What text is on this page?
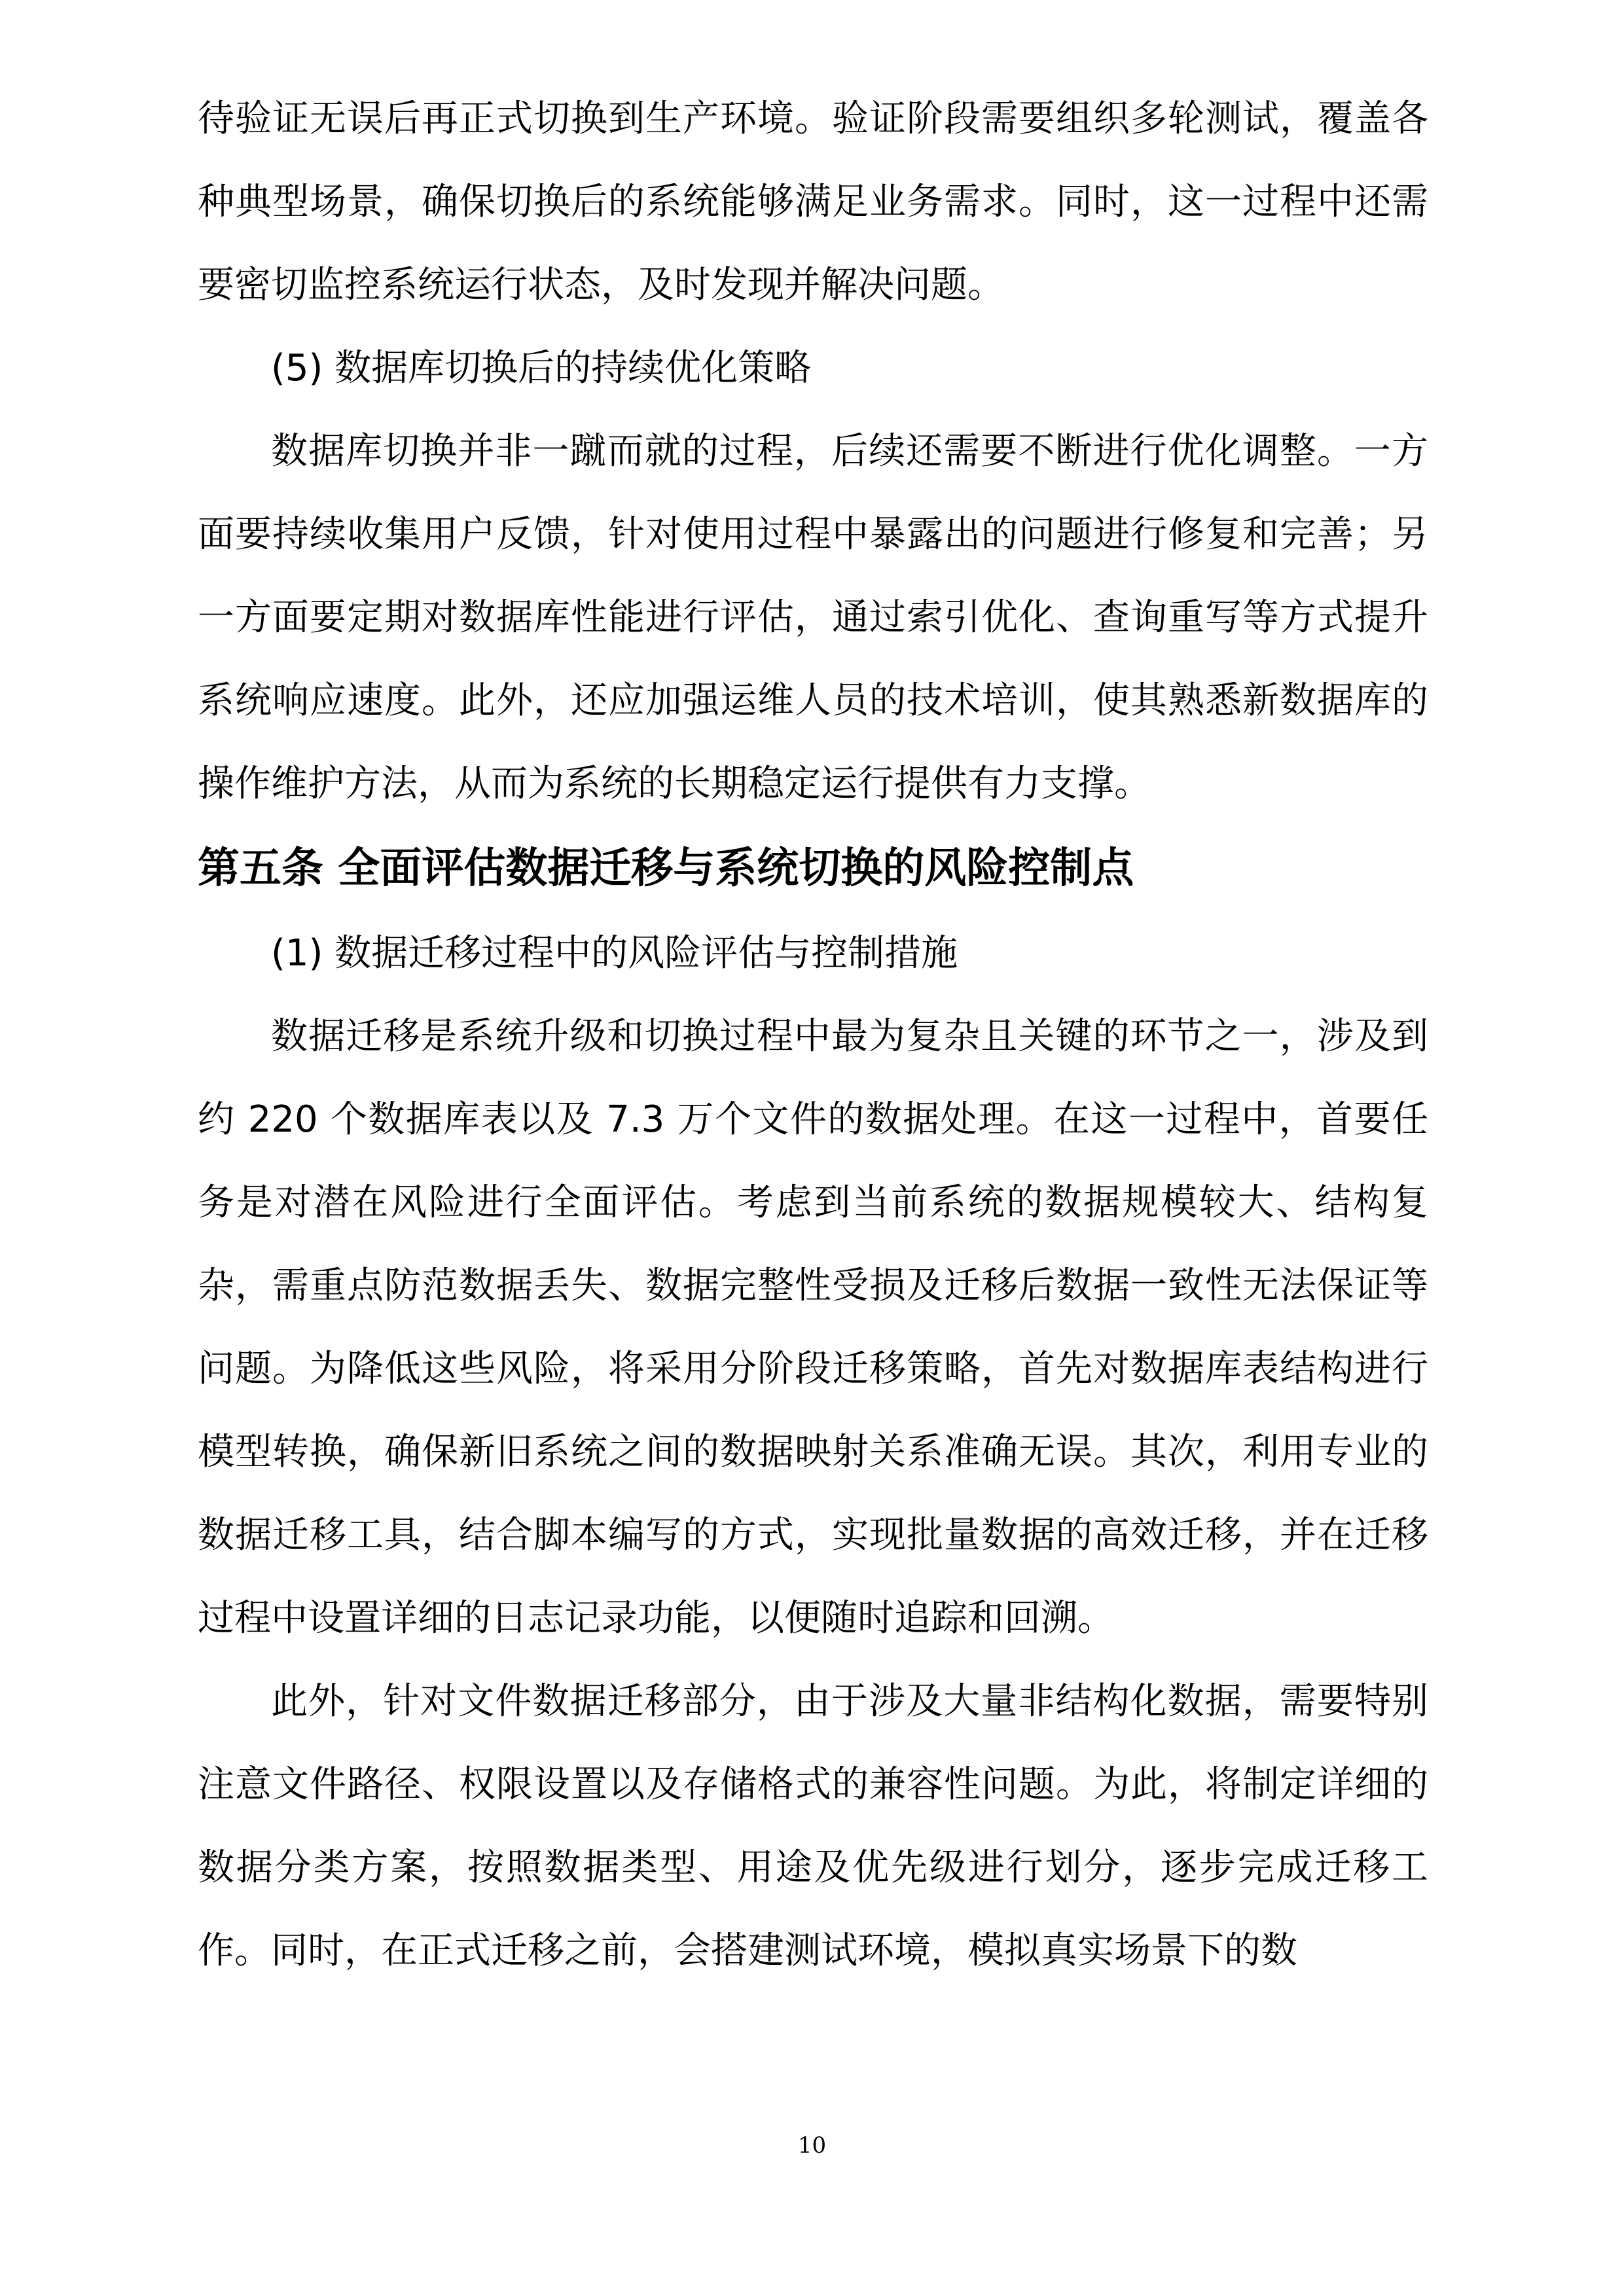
待验证无误后再正式切换到生产环境。验证阶段需要组织多轮测试，覆盖各种典型场景，确保切换后的系统能够满足业务需求。同时，这一过程中还需要密切监控系统运行状态，及时发现并解决问题。

(5) 数据库切换后的持续优化策略

数据库切换并非一蹴而就的过程，后续还需要不断进行优化调整。一方面要持续收集用户反馈，针对使用过程中暴露出的问题进行修复和完善；另一方面要定期对数据库性能进行评估，通过索引优化、查询重写等方式提升系统响应速度。此外，还应加强运维人员的技术培训，使其熟悉新数据库的操作维护方法，从而为系统的长期稳定运行提供有力支撑。

第五条 全面评估数据迁移与系统切换的风险控制点

(1) 数据迁移过程中的风险评估与控制措施

数据迁移是系统升级和切换过程中最为复杂且关键的环节之一，涉及到约 220 个数据库表以及 7.3 万个文件的数据处理。在这一过程中，首要任务是对潜在风险进行全面评估。考虑到当前系统的数据规模较大、结构复杂，需重点防范数据丢失、数据完整性受损及迁移后数据一致性无法保证等问题。为降低这些风险，将采用分阶段迁移策略，首先对数据库表结构进行模型转换，确保新旧系统之间的数据映射关系准确无误。其次，利用专业的数据迁移工具，结合脚本编写的方式，实现批量数据的高效迁移，并在迁移过程中设置详细的日志记录功能，以便随时追踪和回溯。

此外，针对文件数据迁移部分，由于涉及大量非结构化数据，需要特别注意文件路径、权限设置以及存储格式的兼容性问题。为此，将制定详细的数据分类方案，按照数据类型、用途及优先级进行划分，逐步完成迁移工作。同时，在正式迁移之前，会搭建测试环境，模拟真实场景下的数

10
